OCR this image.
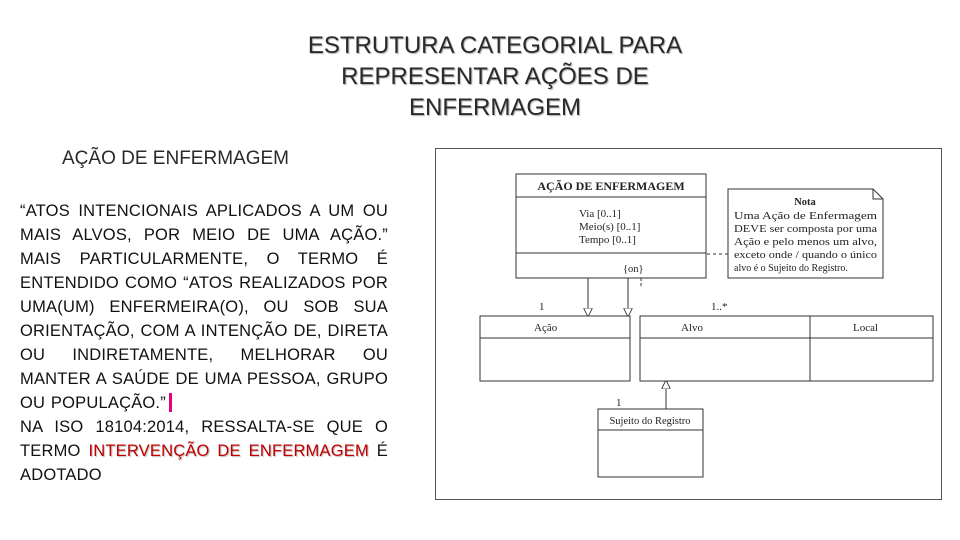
ESTRUTURA CATEGORIAL PARA
REPRESENTAR AÇÕES DE
ENFERMAGEM
AÇÃO DE ENFERMAGEM

“ATOS INTENCIONAIS APLICADOS A UM OU MAIS ALVOS, POR MEIO DE UMA AÇÃO.” MAIS PARTICULARMENTE, O TERMO É ENTENDIDO COMO “ATOS REALIZADOS POR UMA(UM) ENFERMEIRA(O), OU SOB SUA ORIENTAÇÃO, COM A INTENÇÃO DE, DIRETA OU INDIRETAMENTE, MELHORAR OU MANTER A SAÚDE DE UMA PESSOA, GRUPO OU POPULAÇÃO.”

NA ISO 18104:2014, RESSALTA-SE QUE O TERMO INTERVENÇÃO DE ENFERMAGEM É ADOTADO

AÇÃO DE ENFERMAGEM
Via [0..1]
Meio(s) [0..1]
Tempo [0..1]
Nota
Uma Ação de Enfermagem
DEVE ser composta por uma
Ação e pelo menos um alvo,
exceto onde / quando o único
alvo é o Sujeito do Registro.
{on}
1	1..*
1
Ação	Alvo	Local
Sujeito do Registro
